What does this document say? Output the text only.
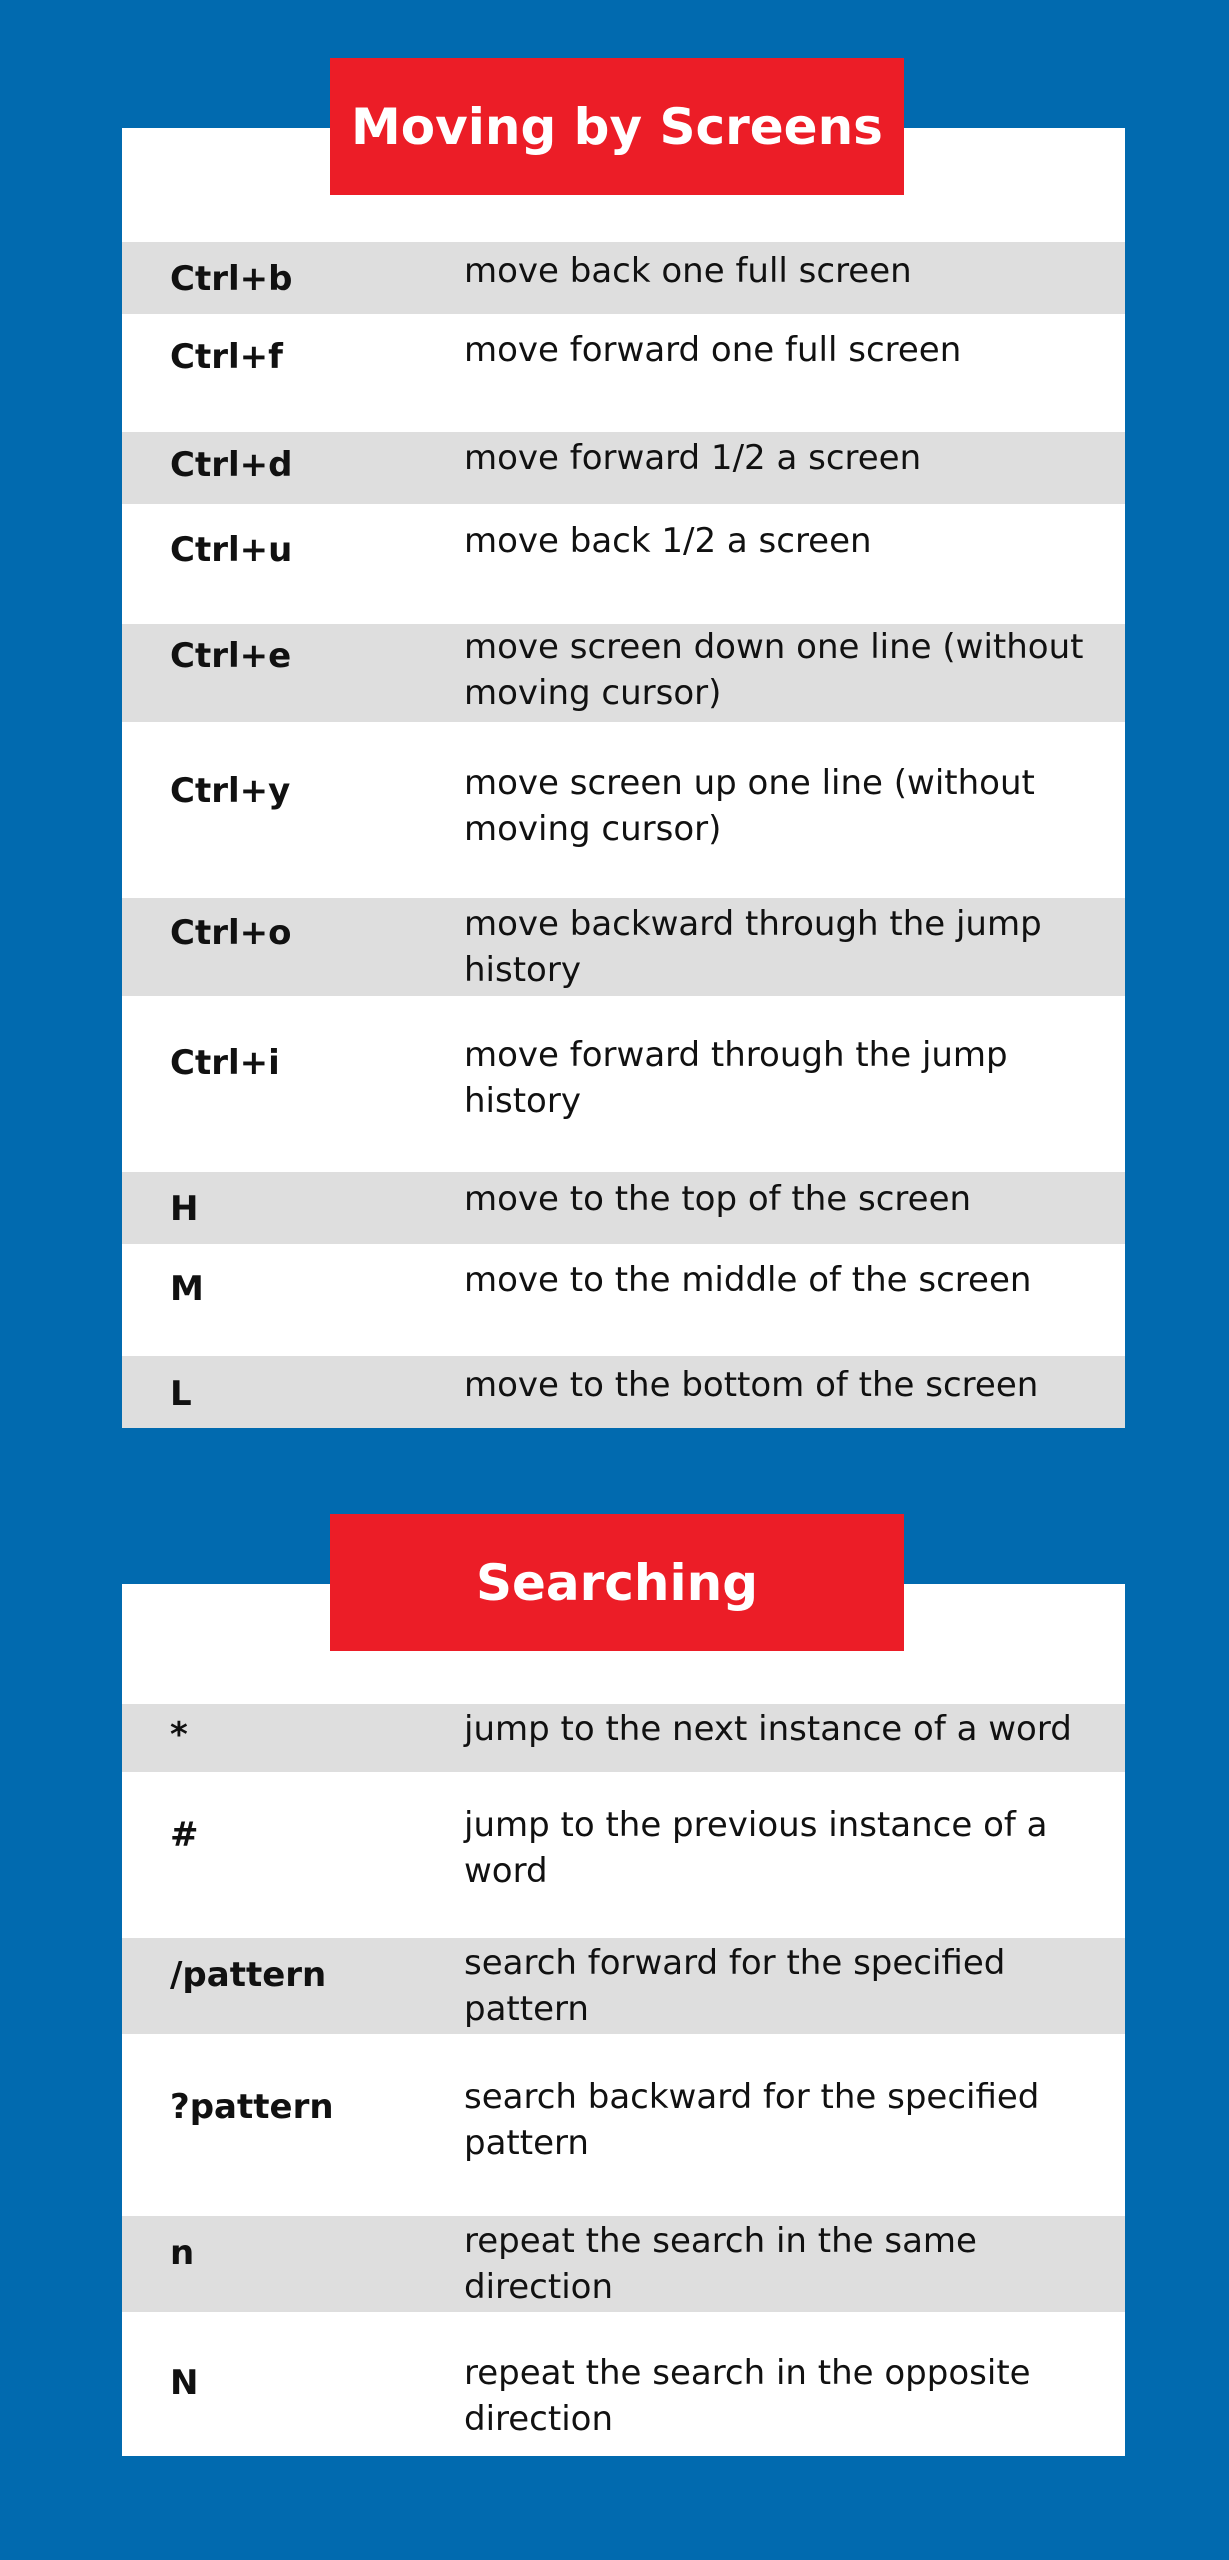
Ctrl+b	move back one full screen
Ctrl+f	move forward one full screen
Ctrl+d	move forward 1/2 a screen
Ctrl+u	move back 1/2 a screen
Ctrl+e	move screen down one line (without moving cursor)
Ctrl+y	move screen up one line (without moving cursor)
Ctrl+o	move backward through the jump history
Ctrl+i	move forward through the jump history
H	move to the top of the screen
M	move to the middle of the screen
L	move to the bottom of the screen
Moving by Screens
*	jump to the next instance of a word
#	jump to the previous instance of a word
/pattern	search forward for the specified pattern
?pattern	search backward for the specified pattern
n	repeat the search in the same direction
N	repeat the search in the opposite direction
Searching
